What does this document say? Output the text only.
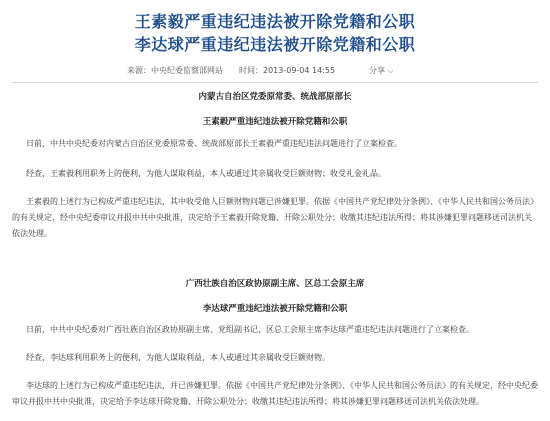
王素毅严重违纪违法被开除党籍和公职
李达球严重违纪违法被开除党籍和公职
来源：中央纪委监察部网站　　时间：2013-09-04 14:55	分享 ⌵
内蒙古自治区党委原常委、统战部原部长
王素毅严重违纪违法被开除党籍和公职

日前，中共中央纪委对内蒙古自治区党委原常委、统战部原部长王素毅严重违纪违法问题进行了立案检查。

经查，王素毅利用职务上的便利，为他人谋取利益，本人或通过其亲属收受巨额财物；收受礼金礼品。

王素毅的上述行为已构成严重违纪违法，其中收受他人巨额财物问题已涉嫌犯罪。依据《中国共产党纪律处分条例》、《中华人民共和国公务员法》的有关规定，经中央纪委审议并报中共中央批准，决定给予王素毅开除党籍、开除公职处分；收缴其违纪违法所得；将其涉嫌犯罪问题移送司法机关依法处理。

广西壮族自治区政协原副主席、区总工会原主席
李达球严重违纪违法被开除党籍和公职

日前，中共中央纪委对广西壮族自治区政协原副主席、党组副书记，区总工会原主席李达球严重违纪违法问题进行了立案检查。

经查，李达球利用职务上的便利，为他人谋取利益，本人或通过其亲属收受巨额财物。

李达球的上述行为已构成严重违纪违法，并已涉嫌犯罪。依据《中国共产党纪律处分条例》、《中华人民共和国公务员法》的有关规定，经中央纪委审议并报中共中央批准，决定给予李达球开除党籍、开除公职处分；收缴其违纪违法所得；将其涉嫌犯罪问题移送司法机关依法处理。
